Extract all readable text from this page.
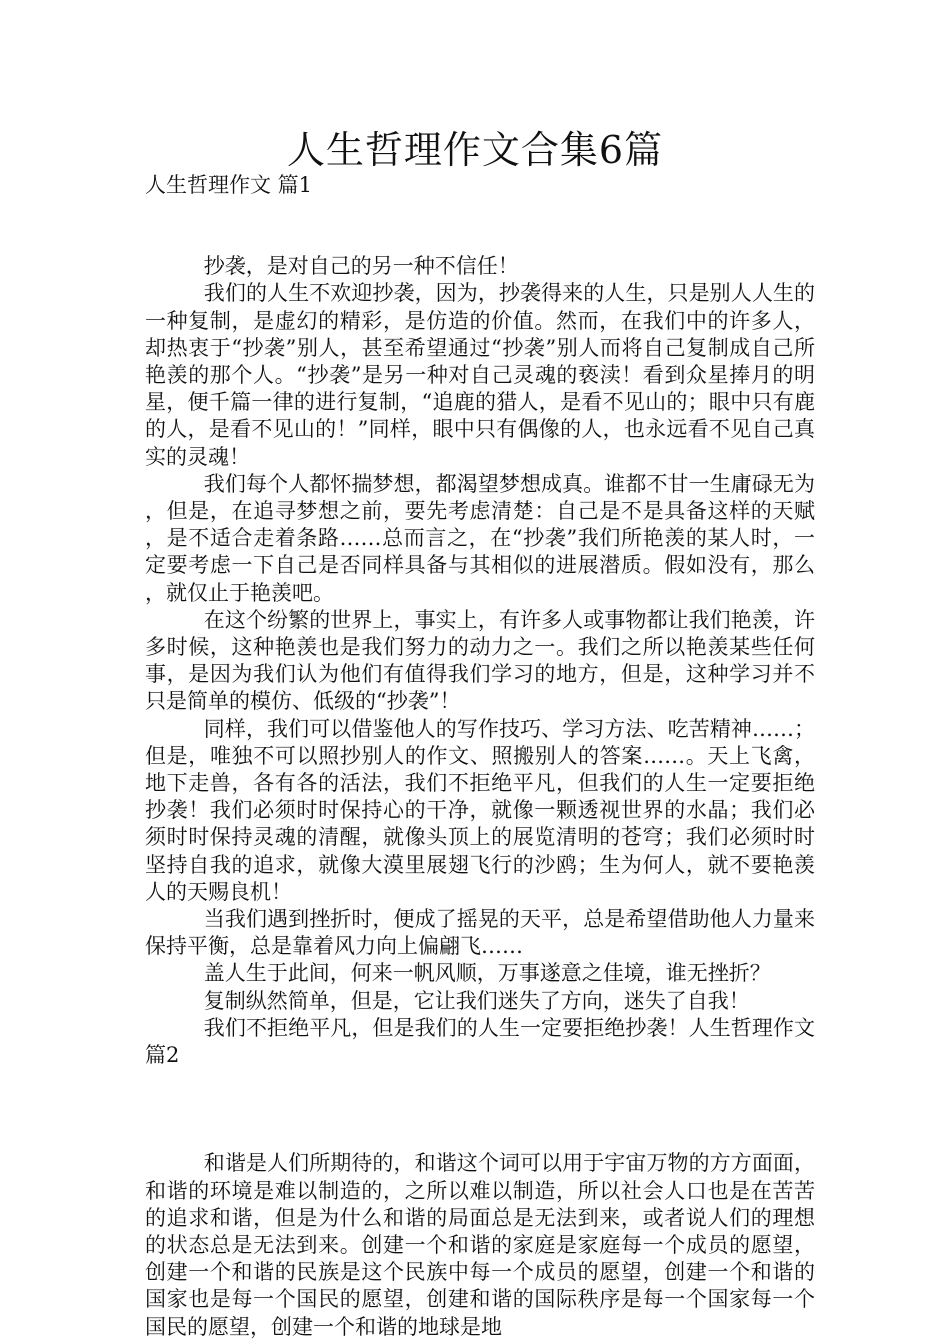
人生哲理作文合集6篇
人生哲理作文 篇1

抄袭，是对自己的另一种不信任！

我们的人生不欢迎抄袭，因为，抄袭得来的人生，只是别人人生的一种复制，是虚幻的精彩，是仿造的价值。然而，在我们中的许多人，却热衷于“抄袭”别人，甚至希望通过“抄袭”别人而将自己复制成自己所艳羡的那个人。“抄袭”是另一种对自己灵魂的亵渎！看到众星捧月的明星，便千篇一律的进行复制，“追鹿的猎人，是看不见山的；眼中只有鹿的人，是看不见山的！”同样，眼中只有偶像的人，也永远看不见自己真实的灵魂！

我们每个人都怀揣梦想，都渴望梦想成真。谁都不甘一生庸碌无为，但是，在追寻梦想之前，要先考虑清楚：自己是不是具备这样的天赋，是不适合走着条路……总而言之，在“抄袭”我们所艳羡的某人时，一定要考虑一下自己是否同样具备与其相似的进展潜质。假如没有，那么，就仅止于艳羡吧。

在这个纷繁的世界上，事实上，有许多人或事物都让我们艳羡，许多时候，这种艳羡也是我们努力的动力之一。我们之所以艳羡某些任何事，是因为我们认为他们有值得我们学习的地方，但是，这种学习并不只是简单的模仿、低级的“抄袭”！

同样，我们可以借鉴他人的写作技巧、学习方法、吃苦精神……；但是，唯独不可以照抄别人的作文、照搬别人的答案……。天上飞禽，地下走兽，各有各的活法，我们不拒绝平凡，但我们的人生一定要拒绝抄袭！我们必须时时保持心的干净，就像一颗透视世界的水晶；我们必须时时保持灵魂的清醒，就像头顶上的展览清明的苍穹；我们必须时时坚持自我的追求，就像大漠里展翅飞行的沙鸥；生为何人，就不要艳羡人的天赐良机！

当我们遇到挫折时，便成了摇晃的天平，总是希望借助他人力量来保持平衡，总是靠着风力向上偏翩飞……

盖人生于此间，何来一帆风顺，万事遂意之佳境，谁无挫折？

复制纵然简单，但是，它让我们迷失了方向，迷失了自我！

我们不拒绝平凡，但是我们的人生一定要拒绝抄袭！人生哲理作文 篇2

和谐是人们所期待的，和谐这个词可以用于宇宙万物的方方面面，和谐的环境是难以制造的，之所以难以制造，所以社会人口也是在苦苦的追求和谐，但是为什么和谐的局面总是无法到来，或者说人们的理想的状态总是无法到来。创建一个和谐的家庭是家庭每一个成员的愿望，创建一个和谐的民族是这个民族中每一个成员的愿望，创建一个和谐的国家也是每一个国民的愿望，创建和谐的国际秩序是每一个国家每一个国民的愿望，创建一个和谐的地球是地
